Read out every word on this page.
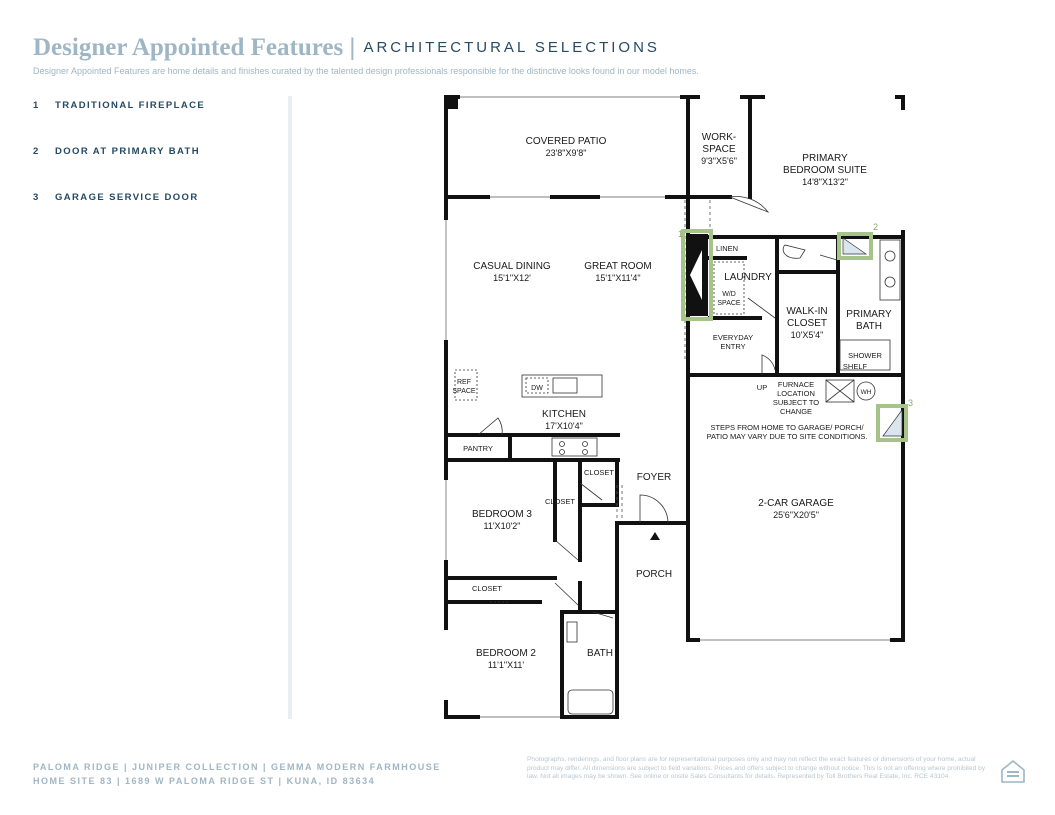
Designer Appointed Features | ARCHITECTURAL SELECTIONS
Designer Appointed Features are home details and finishes curated by the talented design professionals responsible for the distinctive looks found in our model homes.
1 TRADITIONAL FIREPLACE
2 DOOR AT PRIMARY BATH
3 GARAGE SERVICE DOOR
1
2
3
COVERED PATIO
23'8"X9'8"
WORK-
SPACE
9'3"X5'6"	PRIMARY
BEDROOM SUITE
14'8"X13'2"
CASUAL DINING
15'1"X12'
GREAT ROOM
15'1"X11'4"
LINEN
LAUNDRY
W/D
SPACE
WALK-IN
CLOSET
10'X5'4"
PRIMARY
BATH
EVERYDAY
ENTRY
SHOWER
SHELF
REF
SPACE	DW
KITCHEN
17'X10'4"
PANTRY
UP FURNACE
LOCATION
SUBJECT TO
CHANGE
WH
STEPS FROM HOME TO GARAGE/ PORCH/
PATIO MAY VARY DUE TO SITE CONDITIONS.
CLOSET FOYER
CLOSET
BEDROOM 3
11'X10'2"
2-CAR GARAGE
25'6"X20'5"
PORCH
CLOSET
BEDROOM 2
11'1"X11'
BATH
PALOMA RIDGE | JUNIPER COLLECTION | GEMMA MODERN FARMHOUSE
HOME SITE 83 | 1689 W PALOMA RIDGE ST | KUNA, ID 83634
Photographs, renderings, and floor plans are for representational purposes only and may not reflect the exact features or dimensions of your home, actual product may differ. All dimensions are subject to field variations. Prices and offers subject to change without notice. This is not an offering where prohibited by law. Not all images may be shown. See online or onsite Sales Consultants for details. Represented by Toll Brothers Real Estate, Inc. RCE 43104
